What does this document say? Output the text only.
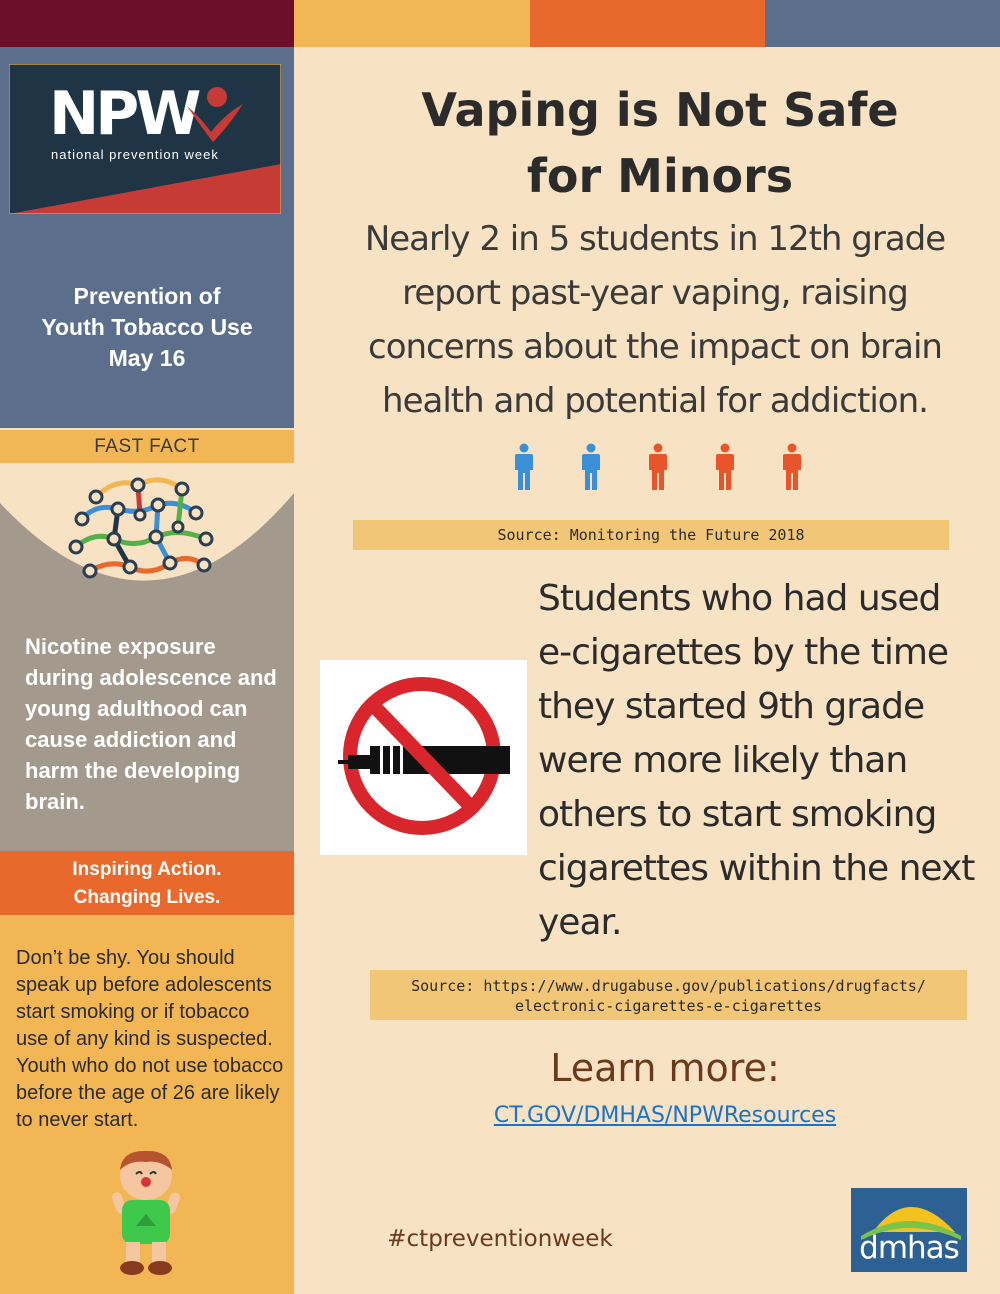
NPW
national prevention week
Prevention of
Youth Tobacco Use
May 16
FAST FACT
Nicotine exposure during adolescence and young adulthood can cause addiction and harm the developing brain.
Inspiring Action.
Changing Lives.
Don’t be shy. You should speak up before adolescents start smoking or if tobacco use of any kind is suspected. Youth who do not use tobacco before the age of 26 are likely to never start.
Vaping is Not Safe
for Minors
Nearly 2 in 5 students in 12th grade
report past-year vaping, raising
concerns about the impact on brain
health and potential for addiction.
Source: Monitoring the Future 2018
Students who had used
e-cigarettes by the time
they started 9th grade
were more likely than
others to start smoking
cigarettes within the next
year.
Source: https://www.drugabuse.gov/publications/drugfacts/
electronic-cigarettes-e-cigarettes
Learn more:
CT.GOV/DMHAS/NPWResources
#ctpreventionweek	dmhas
